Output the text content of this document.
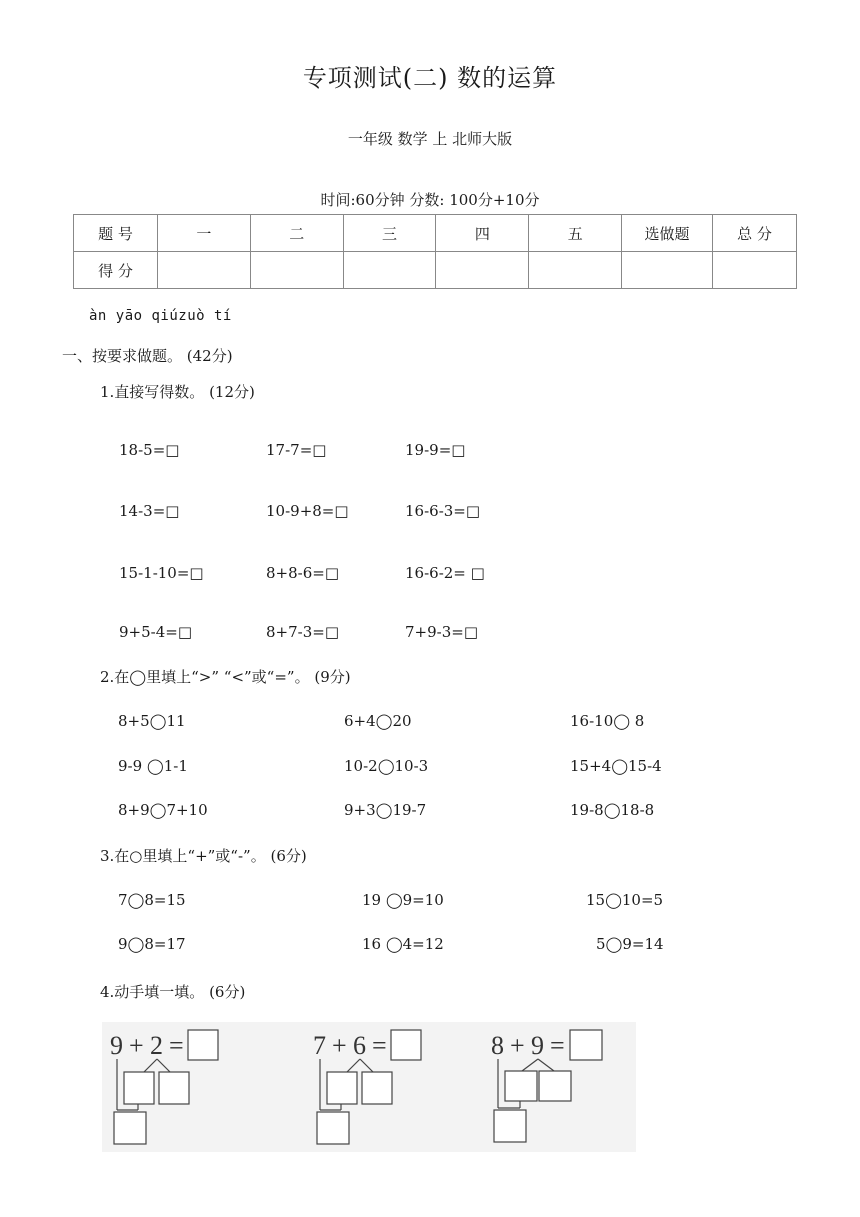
专项测试(二) 数的运算
一年级 数学 上 北师大版
时间:60分钟 分数: 100分+10分
题 号	一	二	三	四	五	选做题	总 分
得 分							
àn yāo qiúzuò tí
一、按要求做题。 (42分)
1.直接写得数。 (12分)
18-5=□	17-7=□	19-9=□
14-3=□	10-9+8=□	16-6-3=□
15-1-10=□	8+8-6=□	16-6-2= □
9+5-4=□	8+7-3=□	7+9-3=□
2.在◯里填上“>” “<”或“=”。 (9分)
8+5◯11	6+4◯20	16-10◯ 8
9-9 ◯1-1	10-2◯10-3	15+4◯15-4
8+9◯7+10	9+3◯19-7	19-8◯18-8
3.在○里填上“+”或“-”。 (6分)
7◯8=15	19 ◯9=10	15◯10=5
9◯8=17	16 ◯4=12	5◯9=14
4.动手填一填。 (6分)
9 + 2 =	7 + 6 =	8 + 9 =
